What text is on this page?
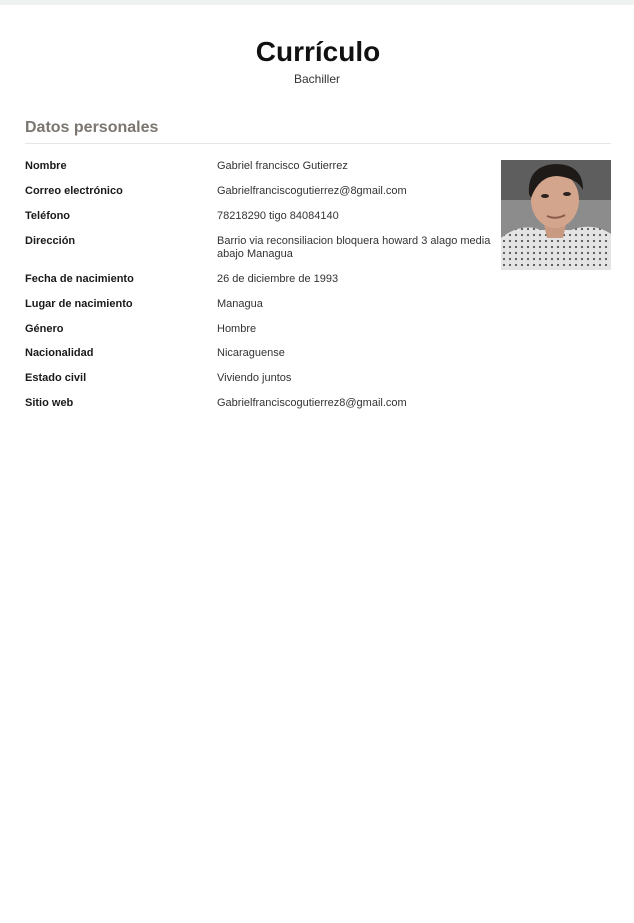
Currículo
Bachiller
Datos personales
Nombre	Gabriel francisco Gutierrez
Correo electrónico	Gabrielfranciscogutierrez@8gmail.com
Teléfono	78218290 tigo 84084140
Dirección	Barrio via reconsiliacion bloquera howard 3 alago media abajo Managua
Fecha de nacimiento	26 de diciembre de 1993
Lugar de nacimiento	Managua
Género	Hombre
Nacionalidad	Nicaraguense
Estado civil	Viviendo juntos
Sitio web	Gabrielfranciscogutierrez8@gmail.com
